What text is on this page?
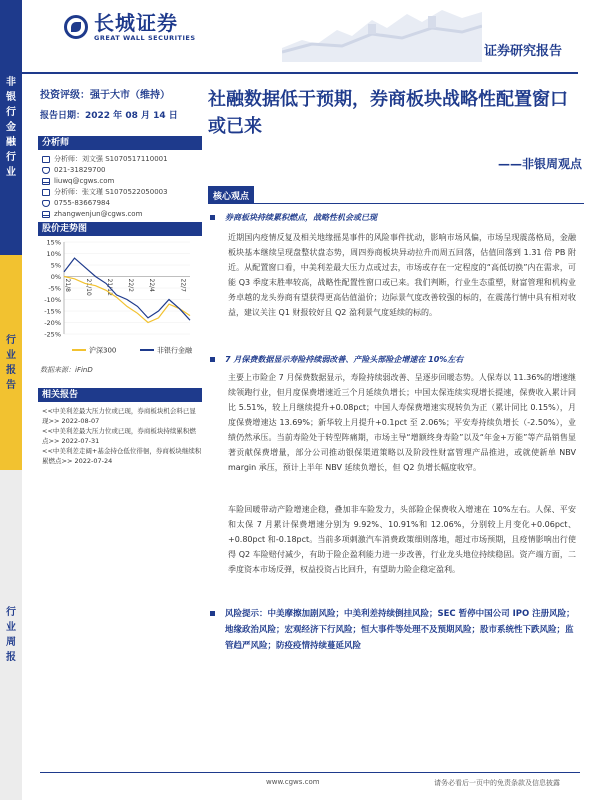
非
银
行
金
融
行
业
行
业
报
告
行
业
周
报
长城证券
GREAT WALL SECURITIES
证券研究报告
投资评级：强于大市（维持）
报告日期：2022 年 08 月 14 日
分析师
分析师：刘文强 S1070517110001
021-31829700
liuwq@cgws.com
分析师：张文瑾 S1070522050003
0755-83667984
zhangwenjun@cgws.com
股价走势图
15%
10%
5%
0%
-5%
-10%
-15%
-20%
-25%
21/8 21/10 21/12 22/2 22/4	22/7
沪深300	非银行金融
数据来源：iFinD
相关报告
<<中美利差最大压力位或已现，券商板块机会料已显现>> 2022-08-07
<<中美利差最大压力位或已现，券商板块持续累积燃点>> 2022-07-31
<<中美利差走阔+基金持仓低位徘徊，券商板块继续积累燃点>> 2022-07-24
社融数据低于预期，券商板块战略性配置窗口或已来
——非银周观点
核心观点
券商板块持续累积燃点，战略性机会或已现
近期国内疫情反复及相关地缘摇晃事件的风险事件扰动，影响市场风偏，市场呈现震荡格局，金融板块基本继续呈现盘整状盘态势，周四券商板块异动拉升而周五回落，估值回落到 1.31 倍 PB 附近。从配置窗口看，中美利差最大压力点或过去，市场或存在一定程度的“高低切换”内在需求，可能 Q3 季度末胜率较高，战略性配置性窗口或已来。我们判断，行业生态重塑，财富管理和机构业务卓越的龙头券商有望获得更高估值溢价；边际景气度改善较强的标的，在震荡行情中具有相对收益，建议关注 Q1 财报较好且 Q2 盈利景气度延续的标的。
7 月保费数据显示寿险持续弱改善、产险头部险企增速在 10%左右
主要上市险企 7 月保费数据显示，寿险持续弱改善、呈逐步回暖态势。人保寿以 11.36%的增速继续领跑行业，但月度保费增速近三个月延续负增长；中国太保连续实现增长提速，保费收入累计同比 5.51%，较上月继续提升+0.08pct；中国人寿保费增速实现转负为正（累计同比 0.15%），月度保费增速达 13.69%；新华较上月提升+0.1pct 至 2.06%；平安寿持续负增长（-2.50%），业绩仍然承压。当前寿险处于转型阵痛期，市场主导“增额终身寿险”以及“年金+万能”等产品销售显著贡献保费增量，部分公司推动银保渠道策略以及阶段性财富管理产品推进，或就使新单 NBV margin 承压，预计上半年 NBV 延续负增长，但 Q2 负增长幅度收窄。
车险回暖带动产险增速企稳，叠加非车险发力，头部险企保费收入增速在 10%左右。人保、平安和太保 7 月累计保费增速分别为 9.92%、10.91%和 12.06%，分别较上月变化+0.06pct、+0.80pct 和-0.18pct。当前多项刺激汽车消费政策细则落地，超过市场预期，且疫情影响出行使得 Q2 车险赔付减少，有助于险企盈利能力进一步改善，行业龙头地位持续稳固。资产端方面，二季度资本市场反弹，权益投资占比回升，有望助力险企稳定盈利。
风险提示：中美摩擦加剧风险；中美利差持续倒挂风险；SEC 暂停中国公司 IPO 注册风险；地缘政治风险；宏观经济下行风险；恒大事件等处理不及预期风险；股市系统性下跌风险；监管趋严风险；防疫疫情持续蔓延风险
www.cgws.com	请务必看后一页中的免责条款及信息披露
